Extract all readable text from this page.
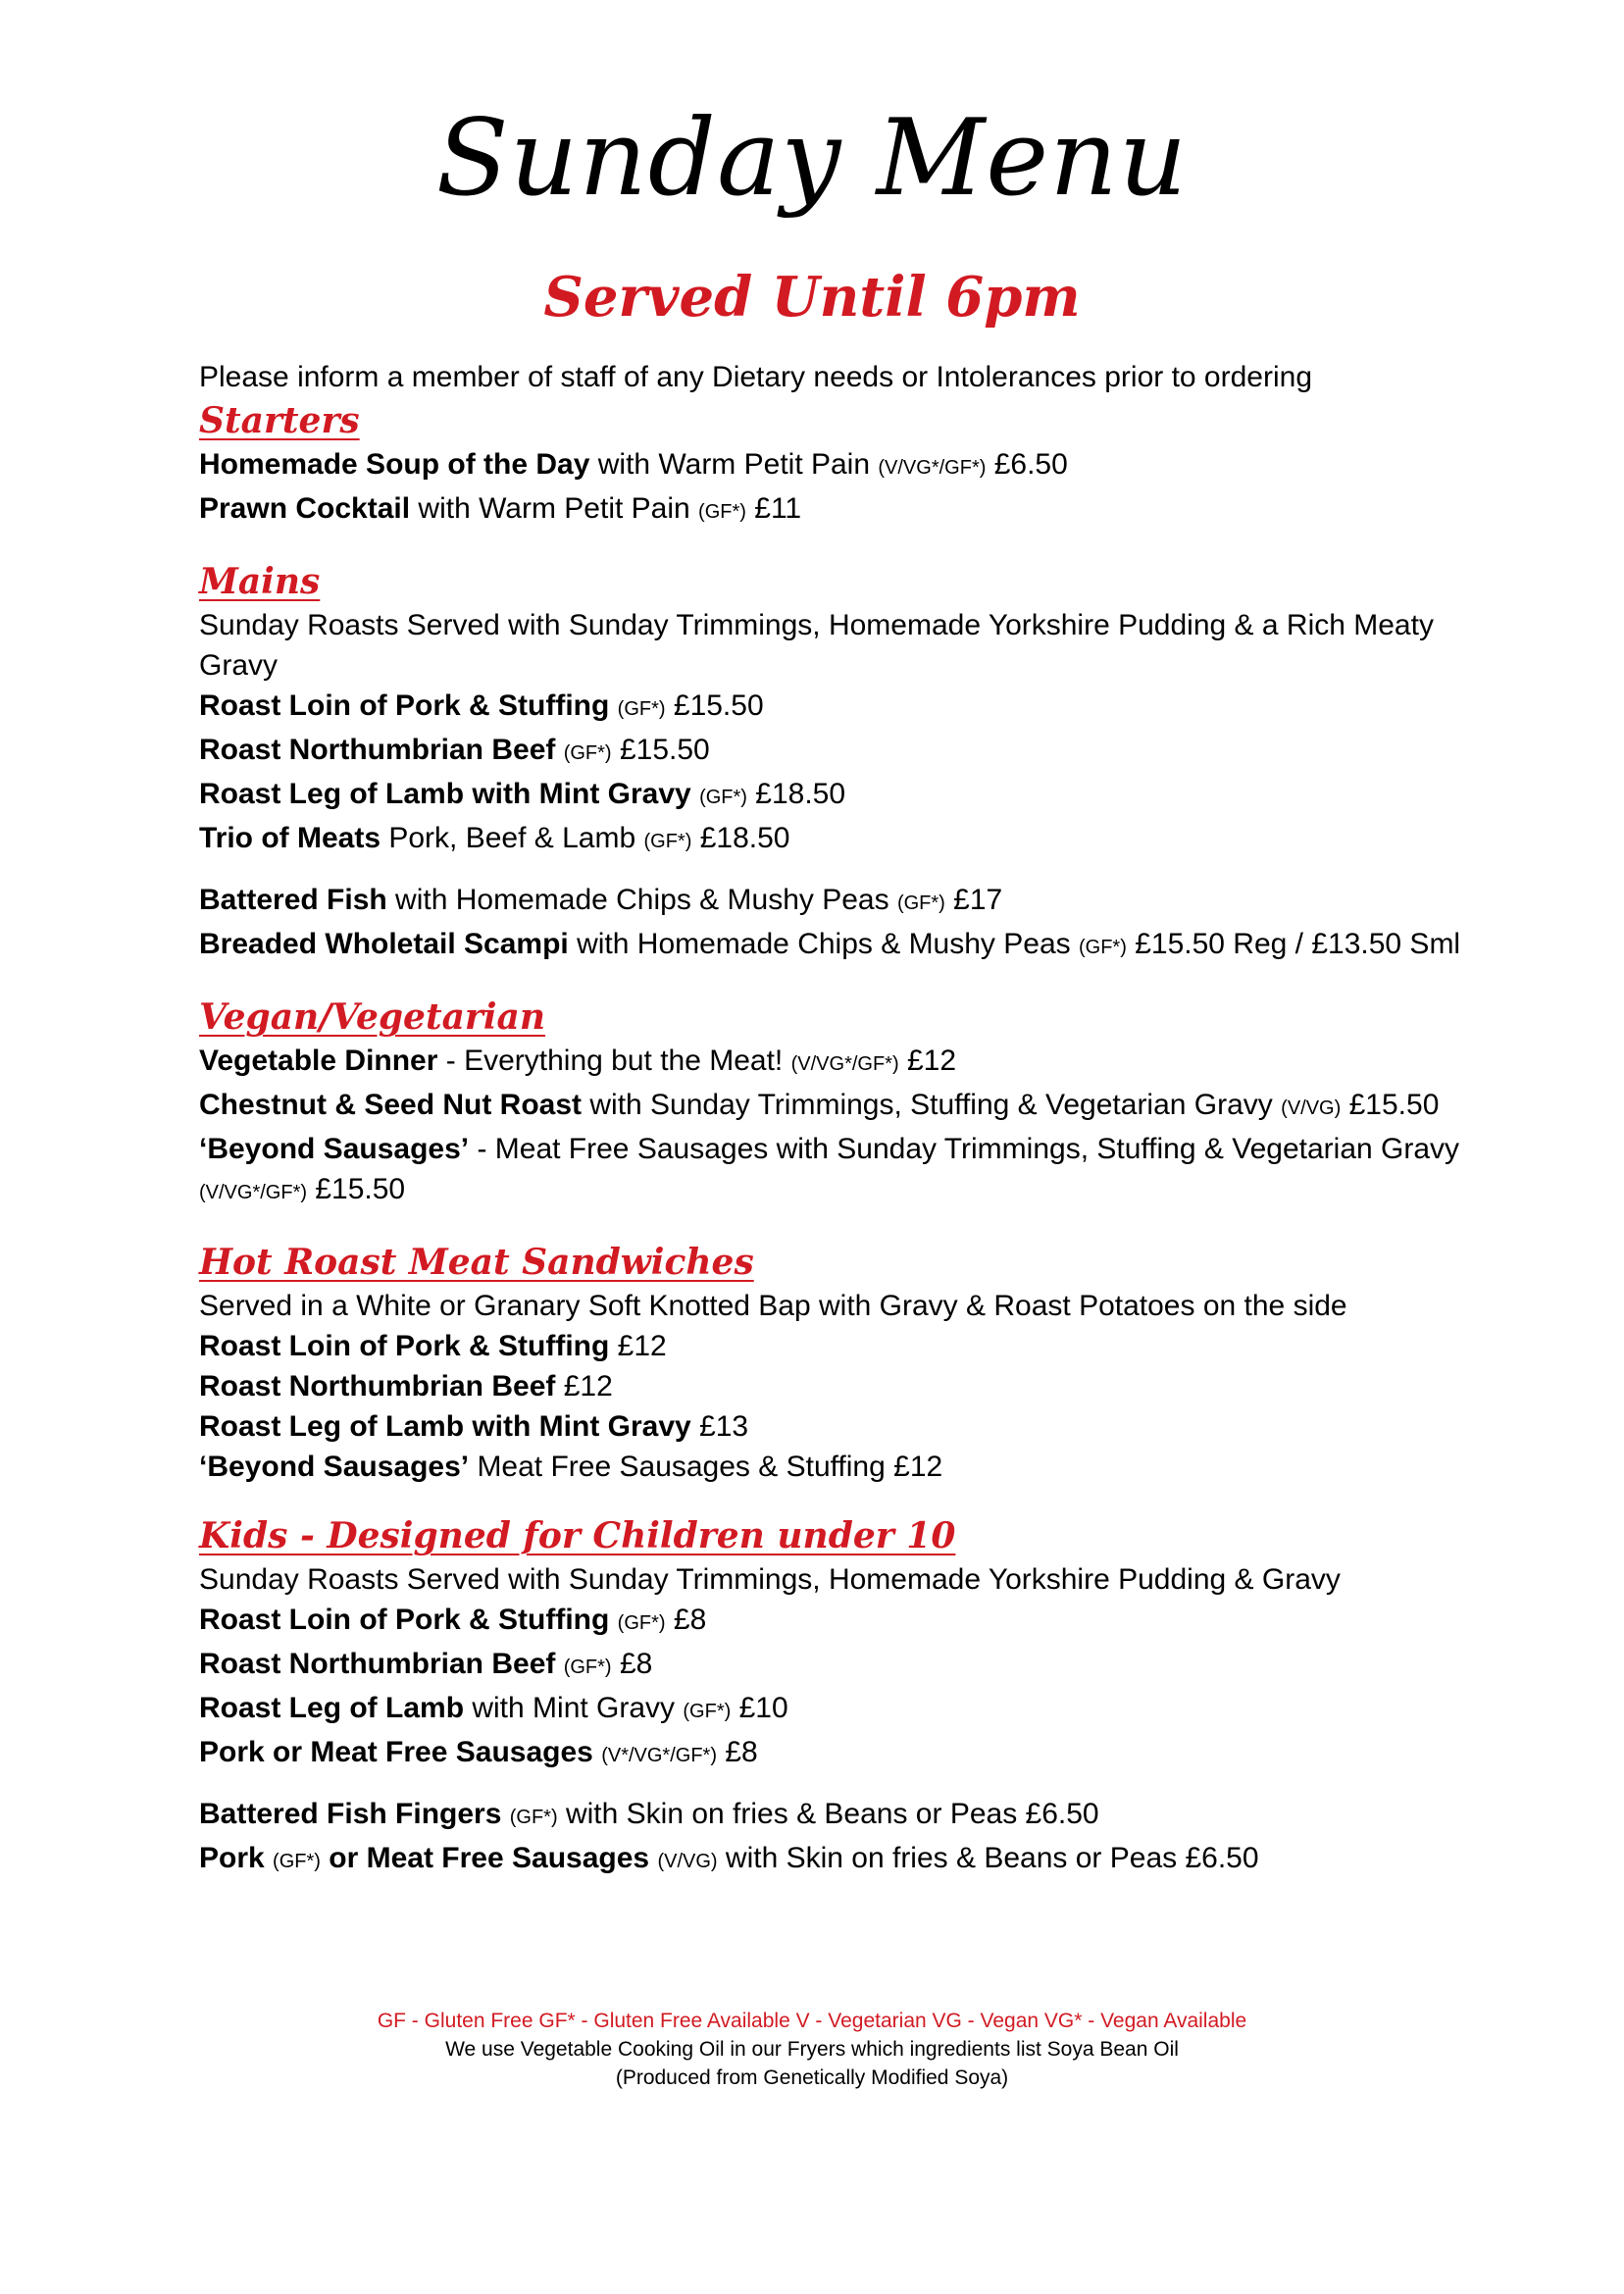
Sunday Menu
Served Until 6pm

Please inform a member of staff of any Dietary needs or Intolerances prior to ordering

Starters

Homemade Soup of the Day with Warm Petit Pain (V/VG*/GF*) £6.50

Prawn Cocktail with Warm Petit Pain (GF*) £11

Mains

Sunday Roasts Served with Sunday Trimmings, Homemade Yorkshire Pudding & a Rich Meaty Gravy

Roast Loin of Pork & Stuffing (GF*) £15.50

Roast Northumbrian Beef (GF*) £15.50

Roast Leg of Lamb with Mint Gravy (GF*) £18.50

Trio of Meats Pork, Beef & Lamb (GF*) £18.50

Battered Fish with Homemade Chips & Mushy Peas (GF*) £17

Breaded Wholetail Scampi with Homemade Chips & Mushy Peas (GF*) £15.50 Reg / £13.50 Sml

Vegan/Vegetarian

Vegetable Dinner - Everything but the Meat! (V/VG*/GF*) £12

Chestnut & Seed Nut Roast with Sunday Trimmings, Stuffing & Vegetarian Gravy (V/VG) £15.50

‘Beyond Sausages’ - Meat Free Sausages with Sunday Trimmings, Stuffing & Vegetarian Gravy (V/VG*/GF*) £15.50

Hot Roast Meat Sandwiches

Served in a White or Granary Soft Knotted Bap with Gravy & Roast Potatoes on the side

Roast Loin of Pork & Stuffing £12

Roast Northumbrian Beef £12

Roast Leg of Lamb with Mint Gravy £13

‘Beyond Sausages’ Meat Free Sausages & Stuffing £12

Kids - Designed for Children under 10

Sunday Roasts Served with Sunday Trimmings, Homemade Yorkshire Pudding & Gravy

Roast Loin of Pork & Stuffing (GF*) £8

Roast Northumbrian Beef (GF*) £8

Roast Leg of Lamb with Mint Gravy (GF*) £10

Pork or Meat Free Sausages (V*/VG*/GF*) £8

Battered Fish Fingers (GF*) with Skin on fries & Beans or Peas £6.50

Pork (GF*) or Meat Free Sausages (V/VG) with Skin on fries & Beans or Peas £6.50

GF - Gluten Free GF* - Gluten Free Available V - Vegetarian VG - Vegan VG* - Vegan Available
We use Vegetable Cooking Oil in our Fryers which ingredients list Soya Bean Oil
(Produced from Genetically Modified Soya)
